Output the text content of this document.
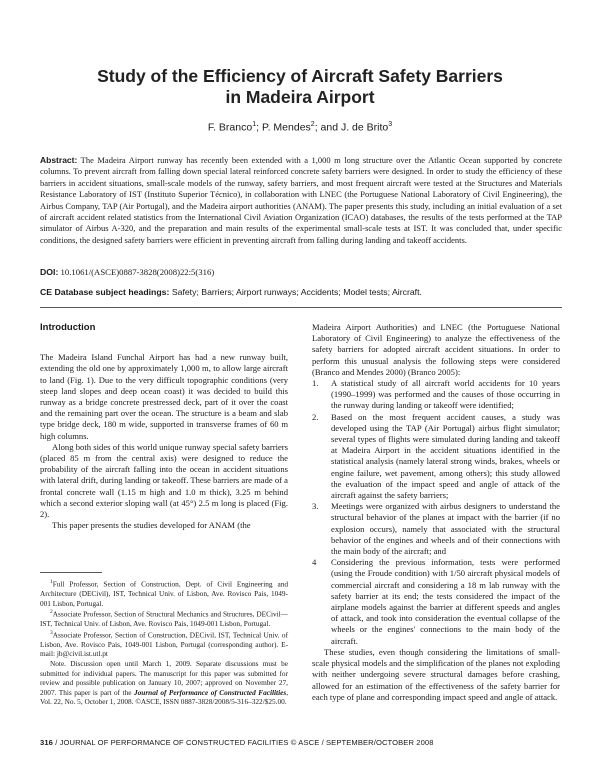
Study of the Efficiency of Aircraft Safety Barriers
in Madeira Airport
F. Branco$^1$; P. Mendes$^2$; and J. de Brito$^3$
Abstract: The Madeira Airport runway has recently been extended with a 1,000 m long structure over the Atlantic Ocean supported by concrete columns. To prevent aircraft from falling down special lateral reinforced concrete safety barriers were designed. In order to study the efficiency of these barriers in accident situations, small-scale models of the runway, safety barriers, and most frequent aircraft were tested at the Structures and Materials Resistance Laboratory of IST (Instituto Superior Técnico), in collaboration with LNEC (the Portuguese National Laboratory of Civil Engineering), the Airbus Company, TAP (Air Portugal), and the Madeira airport authorities (ANAM). The paper presents this study, including an initial evaluation of a set of aircraft accident related statistics from the International Civil Aviation Organization (ICAO) databases, the results of the tests performed at the TAP simulator of Airbus A-320, and the preparation and main results of the experimental small-scale tests at IST. It was concluded that, under specific conditions, the designed safety barriers were efficient in preventing aircraft from falling during landing and takeoff accidents.
DOI: 10.1061/(ASCE)0887-3828(2008)22:5(316)
CE Database subject headings: Safety; Barriers; Airport runways; Accidents; Model tests; Aircraft.

Introduction

The Madeira Island Funchal Airport has had a new runway built, extending the old one by approximately 1,000 m, to allow large aircraft to land (Fig. 1). Due to the very difficult topographic conditions (very steep land slopes and deep ocean coast) it was decided to build this runway as a bridge concrete prestressed deck, part of it over the coast and the remaining part over the ocean. The structure is a beam and slab type bridge deck, 180 m wide, supported in transverse frames of 60 m high columns.

Along both sides of this world unique runway special safety barriers (placed 85 m from the central axis) were designed to reduce the probability of the aircraft falling into the ocean in accident situations with lateral drift, during landing or takeoff. These barriers are made of a frontal concrete wall (1.15 m high and 1.0 m thick), 3.25 m behind which a second exterior sloping wall (at 45°) 2.5 m long is placed (Fig. 2).

This paper presents the studies developed for ANAM (the

$^1$Full Professor, Section of Construction, Dept. of Civil Engineering and Architecture (DECivil), IST, Technical Univ. of Lisbon, Ave. Rovisco Pais, 1049-001 Lisbon, Portugal.

$^2$Associate Professor, Section of Structural Mechanics and Structures, DECivil—IST, Technical Univ. of Lisbon, Ave. Rovisco Pais, 1049-001 Lisbon, Portugal.

$^3$Associate Professor, Section of Construction, DECivil, IST, Technical Univ. of Lisbon, Ave. Rovisco Pais, 1049-001 Lisbon, Portugal (corresponding author). E-mail: jb@civil.ist.utl.pt

Note. Discussion open until March 1, 2009. Separate discussions must be submitted for individual papers. The manuscript for this paper was submitted for review and possible publication on January 10, 2007; approved on November 27, 2007. This paper is part of the Journal of Performance of Constructed Facilities, Vol. 22, No. 5, October 1, 2008. ©ASCE, ISSN 0887-3828/2008/5-316–322/$25.00.

Madeira Airport Authorities) and LNEC (the Portuguese National Laboratory of Civil Engineering) to analyze the effectiveness of the safety barriers for adopted aircraft accident situations. In order to perform this unusual analysis the following steps were considered (Branco and Mendes 2000) (Branco 2005):

1. A statistical study of all aircraft world accidents for 10 years (1990–1999) was performed and the causes of those occurring in the runway during landing or takeoff were identified;
2. Based on the most frequent accident causes, a study was developed using the TAP (Air Portugal) airbus flight simulator; several types of flights were simulated during landing and takeoff at Madeira Airport in the accident situations identified in the statistical analysis (namely lateral strong winds, brakes, wheels or engine failure, wet pavement, among others); this study allowed the evaluation of the impact speed and angle of attack of the aircraft against the safety barriers;
3. Meetings were organized with airbus designers to understand the structural behavior of the planes at impact with the barrier (if no explosion occurs), namely that associated with the structural behavior of the engines and wheels and of their connections with the main body of the aircraft; and
4 Considering the previous information, tests were performed (using the Froude condition) with 1/50 aircraft physical models of commercial aircraft and considering a 18 m lab runway with the safety barrier at its end; the tests considered the impact of the airplane models against the barrier at different speeds and angles of attack, and took into consideration the eventual collapse of the wheels or the engines' connections to the main body of the aircraft.

These studies, even though considering the limitations of small-scale physical models and the simplification of the planes not exploding with neither undergoing severe structural damages before crashing, allowed for an estimation of the effectiveness of the safety barrier for each type of plane and corresponding impact speed and angle of attack.

316 / JOURNAL OF PERFORMANCE OF CONSTRUCTED FACILITIES © ASCE / SEPTEMBER/OCTOBER 2008
